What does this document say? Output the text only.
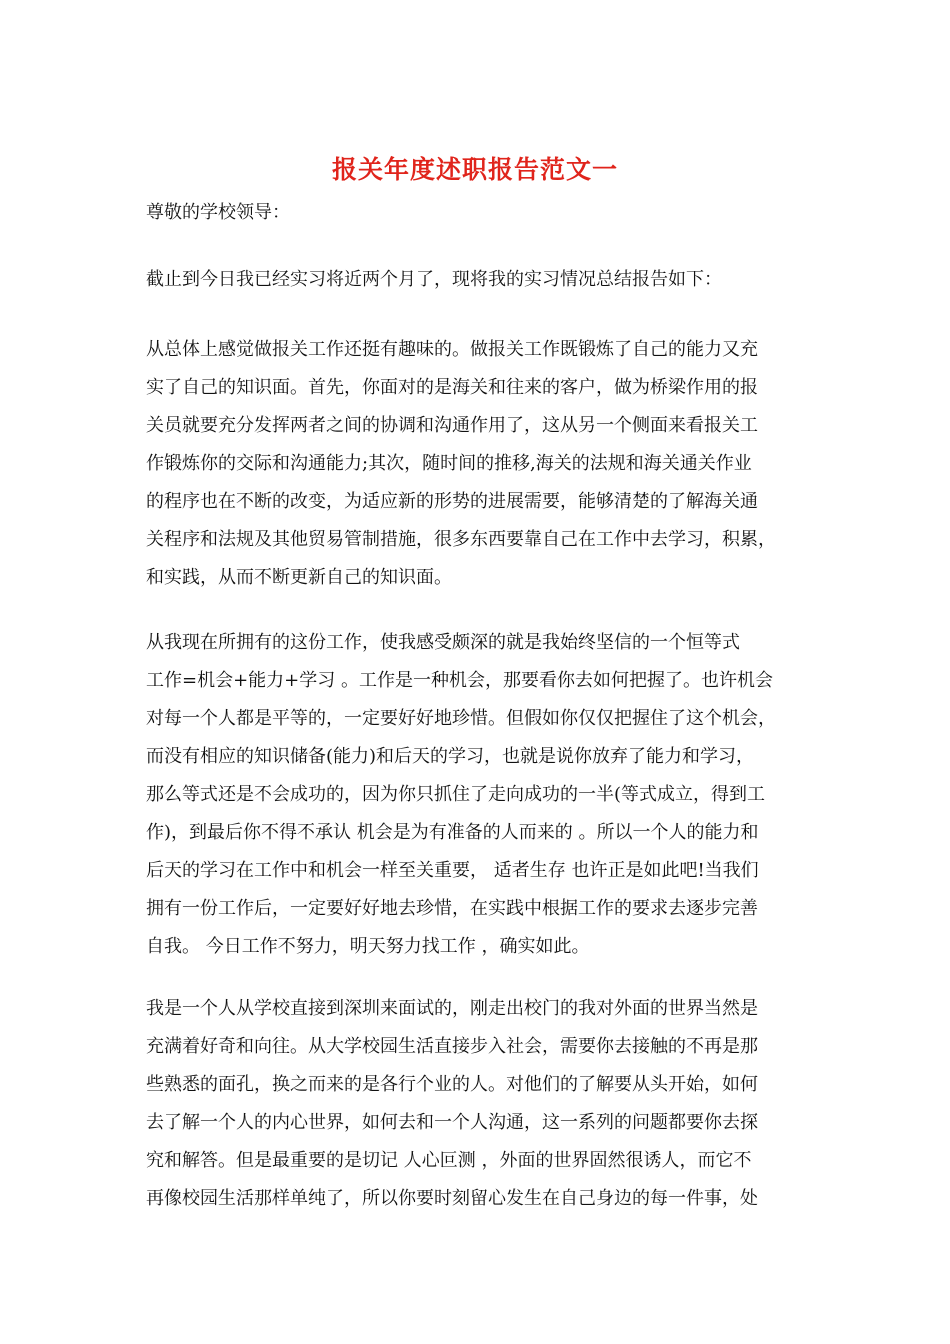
报关年度述职报告范文一
尊敬的学校领导：
截止到今日我已经实习将近两个月了，现将我的实习情况总结报告如下：
从总体上感觉做报关工作还挺有趣味的。做报关工作既锻炼了自己的能力又充
实了自己的知识面。首先，你面对的是海关和往来的客户，做为桥梁作用的报
关员就要充分发挥两者之间的协调和沟通作用了，这从另一个侧面来看报关工
作锻炼你的交际和沟通能力;其次，随时间的推移,海关的法规和海关通关作业
的程序也在不断的改变，为适应新的形势的进展需要，能够清楚的了解海关通
关程序和法规及其他贸易管制措施，很多东西要靠自己在工作中去学习，积累，
和实践，从而不断更新自己的知识面。
从我现在所拥有的这份工作，使我感受颇深的就是我始终坚信的一个恒等式
工作=机会+能力+学习 。工作是一种机会，那要看你去如何把握了。也许机会
对每一个人都是平等的，一定要好好地珍惜。但假如你仅仅把握住了这个机会，
而没有相应的知识储备(能力)和后天的学习，也就是说你放弃了能力和学习，
那么等式还是不会成功的，因为你只抓住了走向成功的一半(等式成立，得到工
作)，到最后你不得不承认 机会是为有准备的人而来的 。所以一个人的能力和
后天的学习在工作中和机会一样至关重要， 适者生存 也许正是如此吧!当我们
拥有一份工作后，一定要好好地去珍惜，在实践中根据工作的要求去逐步完善
自我。 今日工作不努力，明天努力找工作 ，确实如此。
我是一个人从学校直接到深圳来面试的，刚走出校门的我对外面的世界当然是
充满着好奇和向往。从大学校园生活直接步入社会，需要你去接触的不再是那
些熟悉的面孔，换之而来的是各行个业的人。对他们的了解要从头开始，如何
去了解一个人的内心世界，如何去和一个人沟通，这一系列的问题都要你去探
究和解答。但是最重要的是切记 人心叵测 ，外面的世界固然很诱人，而它不
再像校园生活那样单纯了，所以你要时刻留心发生在自己身边的每一件事，处
